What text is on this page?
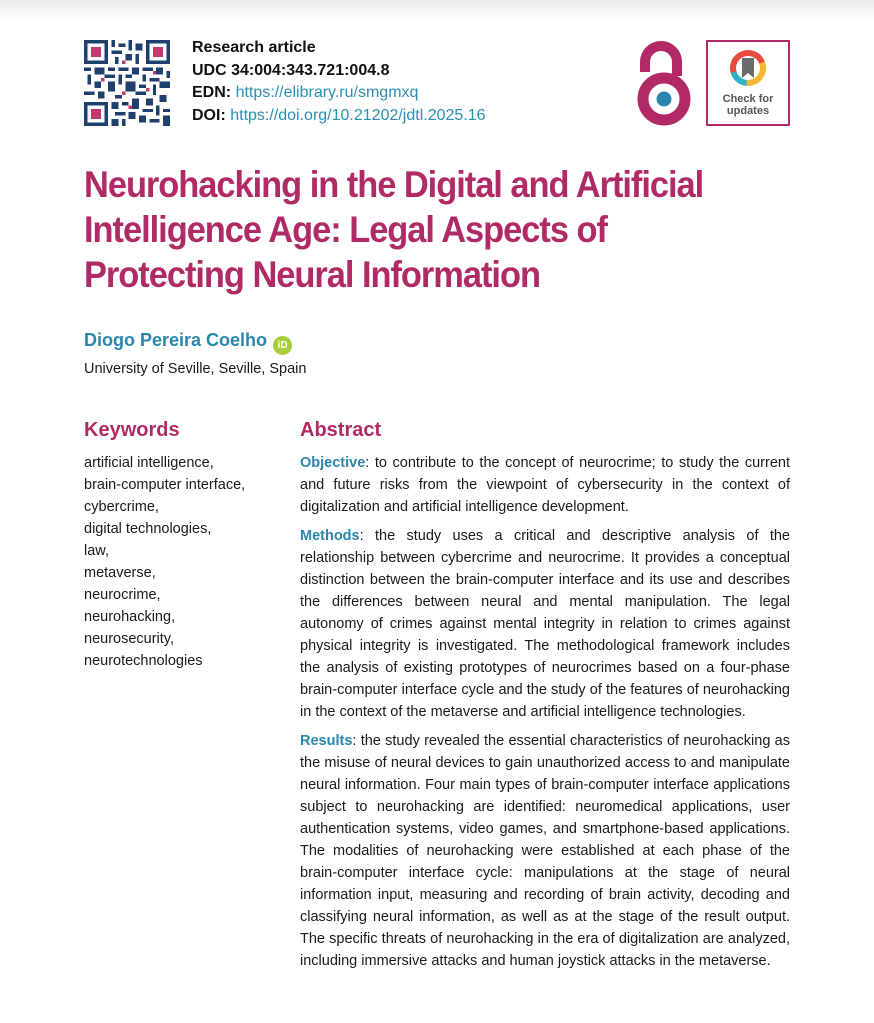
Research article
UDC 34:004:343.721:004.8
EDN: https://elibrary.ru/smgmxq
DOI: https://doi.org/10.21202/jdtl.2025.16
Check for
updates
Neurohacking in the Digital and Artificial Intelligence Age: Legal Aspects of Protecting Neural Information
Diogo Pereira Coelho iD
University of Seville, Seville, Spain
Keywords
artificial intelligence,
brain-computer interface,
cybercrime,
digital technologies,
law,
metaverse,
neurocrime,
neurohacking,
neurosecurity,
neurotechnologies
Abstract

Objective: to contribute to the concept of neurocrime; to study the current and future risks from the viewpoint of cybersecurity in the context of digitalization and artificial intelligence development.

Methods: the study uses a critical and descriptive analysis of the relationship between cybercrime and neurocrime. It provides a conceptual distinction between the brain-computer interface and its use and describes the differences between neural and mental manipulation. The legal autonomy of crimes against mental integrity in relation to crimes against physical integrity is investigated. The methodological framework includes the analysis of existing prototypes of neurocrimes based on a four-phase brain-computer interface cycle and the study of the features of neurohacking in the context of the metaverse and artificial intelligence technologies.

Results: the study revealed the essential characteristics of neurohacking as the misuse of neural devices to gain unauthorized access to and manipulate neural information. Four main types of brain-computer interface applications subject to neurohacking are identified: neuromedical applications, user authentication systems, video games, and smartphone-based applications. The modalities of neurohacking were established at each phase of the brain-computer interface cycle: manipulations at the stage of neural information input, measuring and recording of brain activity, decoding and classifying neural information, as well as at the stage of the result output. The specific threats of neurohacking in the era of digitalization are analyzed, including immersive attacks and human joystick attacks in the metaverse.
